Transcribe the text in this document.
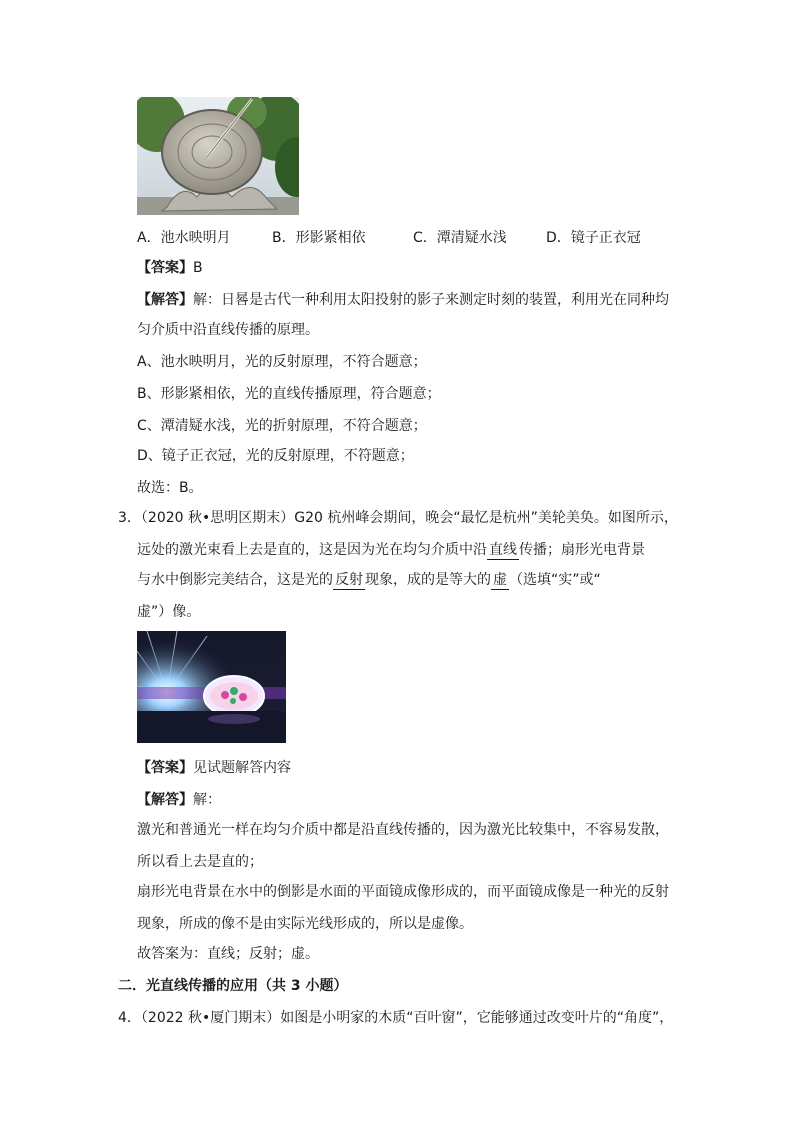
A．池水映明月	B．形影紧相依	C．潭清疑水浅	D．镜子正衣冠
【答案】B
【解答】解：日晷是古代一种利用太阳投射的影子来测定时刻的装置，利用光在同种均
匀介质中沿直线传播的原理。
A、池水映明月，光的反射原理，不符合题意；
B、形影紧相依，光的直线传播原理，符合题意；
C、潭清疑水浅，光的折射原理，不符合题意；
D、镜子正衣冠，光的反射原理，不符题意；
故选：B。
3．（2020 秋•思明区期末）G20 杭州峰会期间，晚会“最忆是杭州”美轮美奂。如图所示，
远处的激光束看上去是直的，这是因为光在均匀介质中沿 直线 传播；扇形光电背景
与水中倒影完美结合，这是光的 反射 现象，成的是等大的 虚 （选填“实”或“
虚”）像。
【答案】见试题解答内容
【解答】解：
激光和普通光一样在均匀介质中都是沿直线传播的，因为激光比较集中，不容易发散，
所以看上去是直的；
扇形光电背景在水中的倒影是水面的平面镜成像形成的，而平面镜成像是一种光的反射
现象，所成的像不是由实际光线形成的，所以是虚像。
故答案为：直线；反射；虚。
二．光直线传播的应用（共 3 小题）
4．（2022 秋•厦门期末）如图是小明家的木质“百叶窗”，它能够通过改变叶片的“角度”，
